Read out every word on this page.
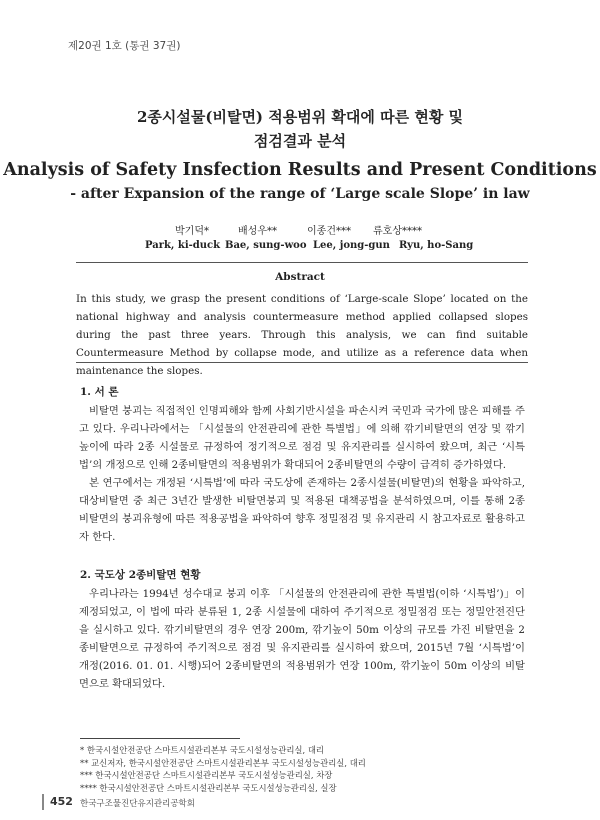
제20권 1호 (통권 37권)
2종시설물(비탈면) 적용범위 확대에 따른 현황 및
점검결과 분석
Analysis of Safety Insfection Results and Present Conditions
- after Expansion of the range of ‘Large scale Slope’ in law
박기덕*	배성우**	이종건*** 류호상****
Park, ki-duck Bae, sung-woo Lee, jong-gun Ryu, ho-Sang
Abstract
In this study, we grasp the present conditions of ‘Large-scale Slope’ located on the national highway and analysis countermeasure method applied collapsed slopes during the past three years. Through this analysis, we can find suitable Countermeasure Method by collapse mode, and utilize as a reference data when maintenance the slopes.
1. 서 론

비탈면 붕괴는 직접적인 인명피해와 함께 사회기반시설을 파손시켜 국민과 국가에 많은 피해를 주고 있다. 우리나라에서는 「시설물의 안전관리에 관한 특별법」에 의해 깎기비탈면의 연장 및 깎기높이에 따라 2종 시설물로 규정하여 정기적으로 점검 및 유지관리를 실시하여 왔으며, 최근 ‘시특법’의 개정으로 인해 2종비탈면의 적용범위가 확대되어 2종비탈면의 수량이 급격히 증가하였다.

본 연구에서는 개정된 ‘시특법’에 따라 국도상에 존재하는 2종시설물(비탈면)의 현황을 파악하고, 대상비탈면 중 최근 3년간 발생한 비탈면붕괴 및 적용된 대책공법을 분석하였으며, 이를 통해 2종 비탈면의 붕괴유형에 따른 적용공법을 파악하여 향후 정밀점검 및 유지관리 시 참고자료로 활용하고자 한다.

2. 국도상 2종비탈면 현황

우리나라는 1994년 성수대교 붕괴 이후 「시설물의 안전관리에 관한 특별법(이하 ‘시특법’)」이 제정되었고, 이 법에 따라 분류된 1, 2종 시설물에 대하여 주기적으로 정밀점검 또는 정밀안전진단을 실시하고 있다. 깎기비탈면의 경우 연장 200m, 깎기높이 50m 이상의 규모를 가진 비탈면을 2종비탈면으로 규정하여 주기적으로 점검 및 유지관리를 실시하여 왔으며, 2015년 7월 ‘시특법’이 개정(2016. 01. 01. 시행)되어 2종비탈면의 적용범위가 연장 100m, 깎기높이 50m 이상의 비탈면으로 확대되었다.

* 한국시설안전공단 스마트시설관리본부 국도시설성능관리실, 대리
** 교신저자, 한국시설안전공단 스마트시설관리본부 국도시설성능관리실, 대리
*** 한국시설안전공단 스마트시설관리본부 국도시설성능관리실, 차장
**** 한국시설안전공단 스마트시설관리본부 국도시설성능관리실, 실장
452 한국구조물진단유지관리공학회
